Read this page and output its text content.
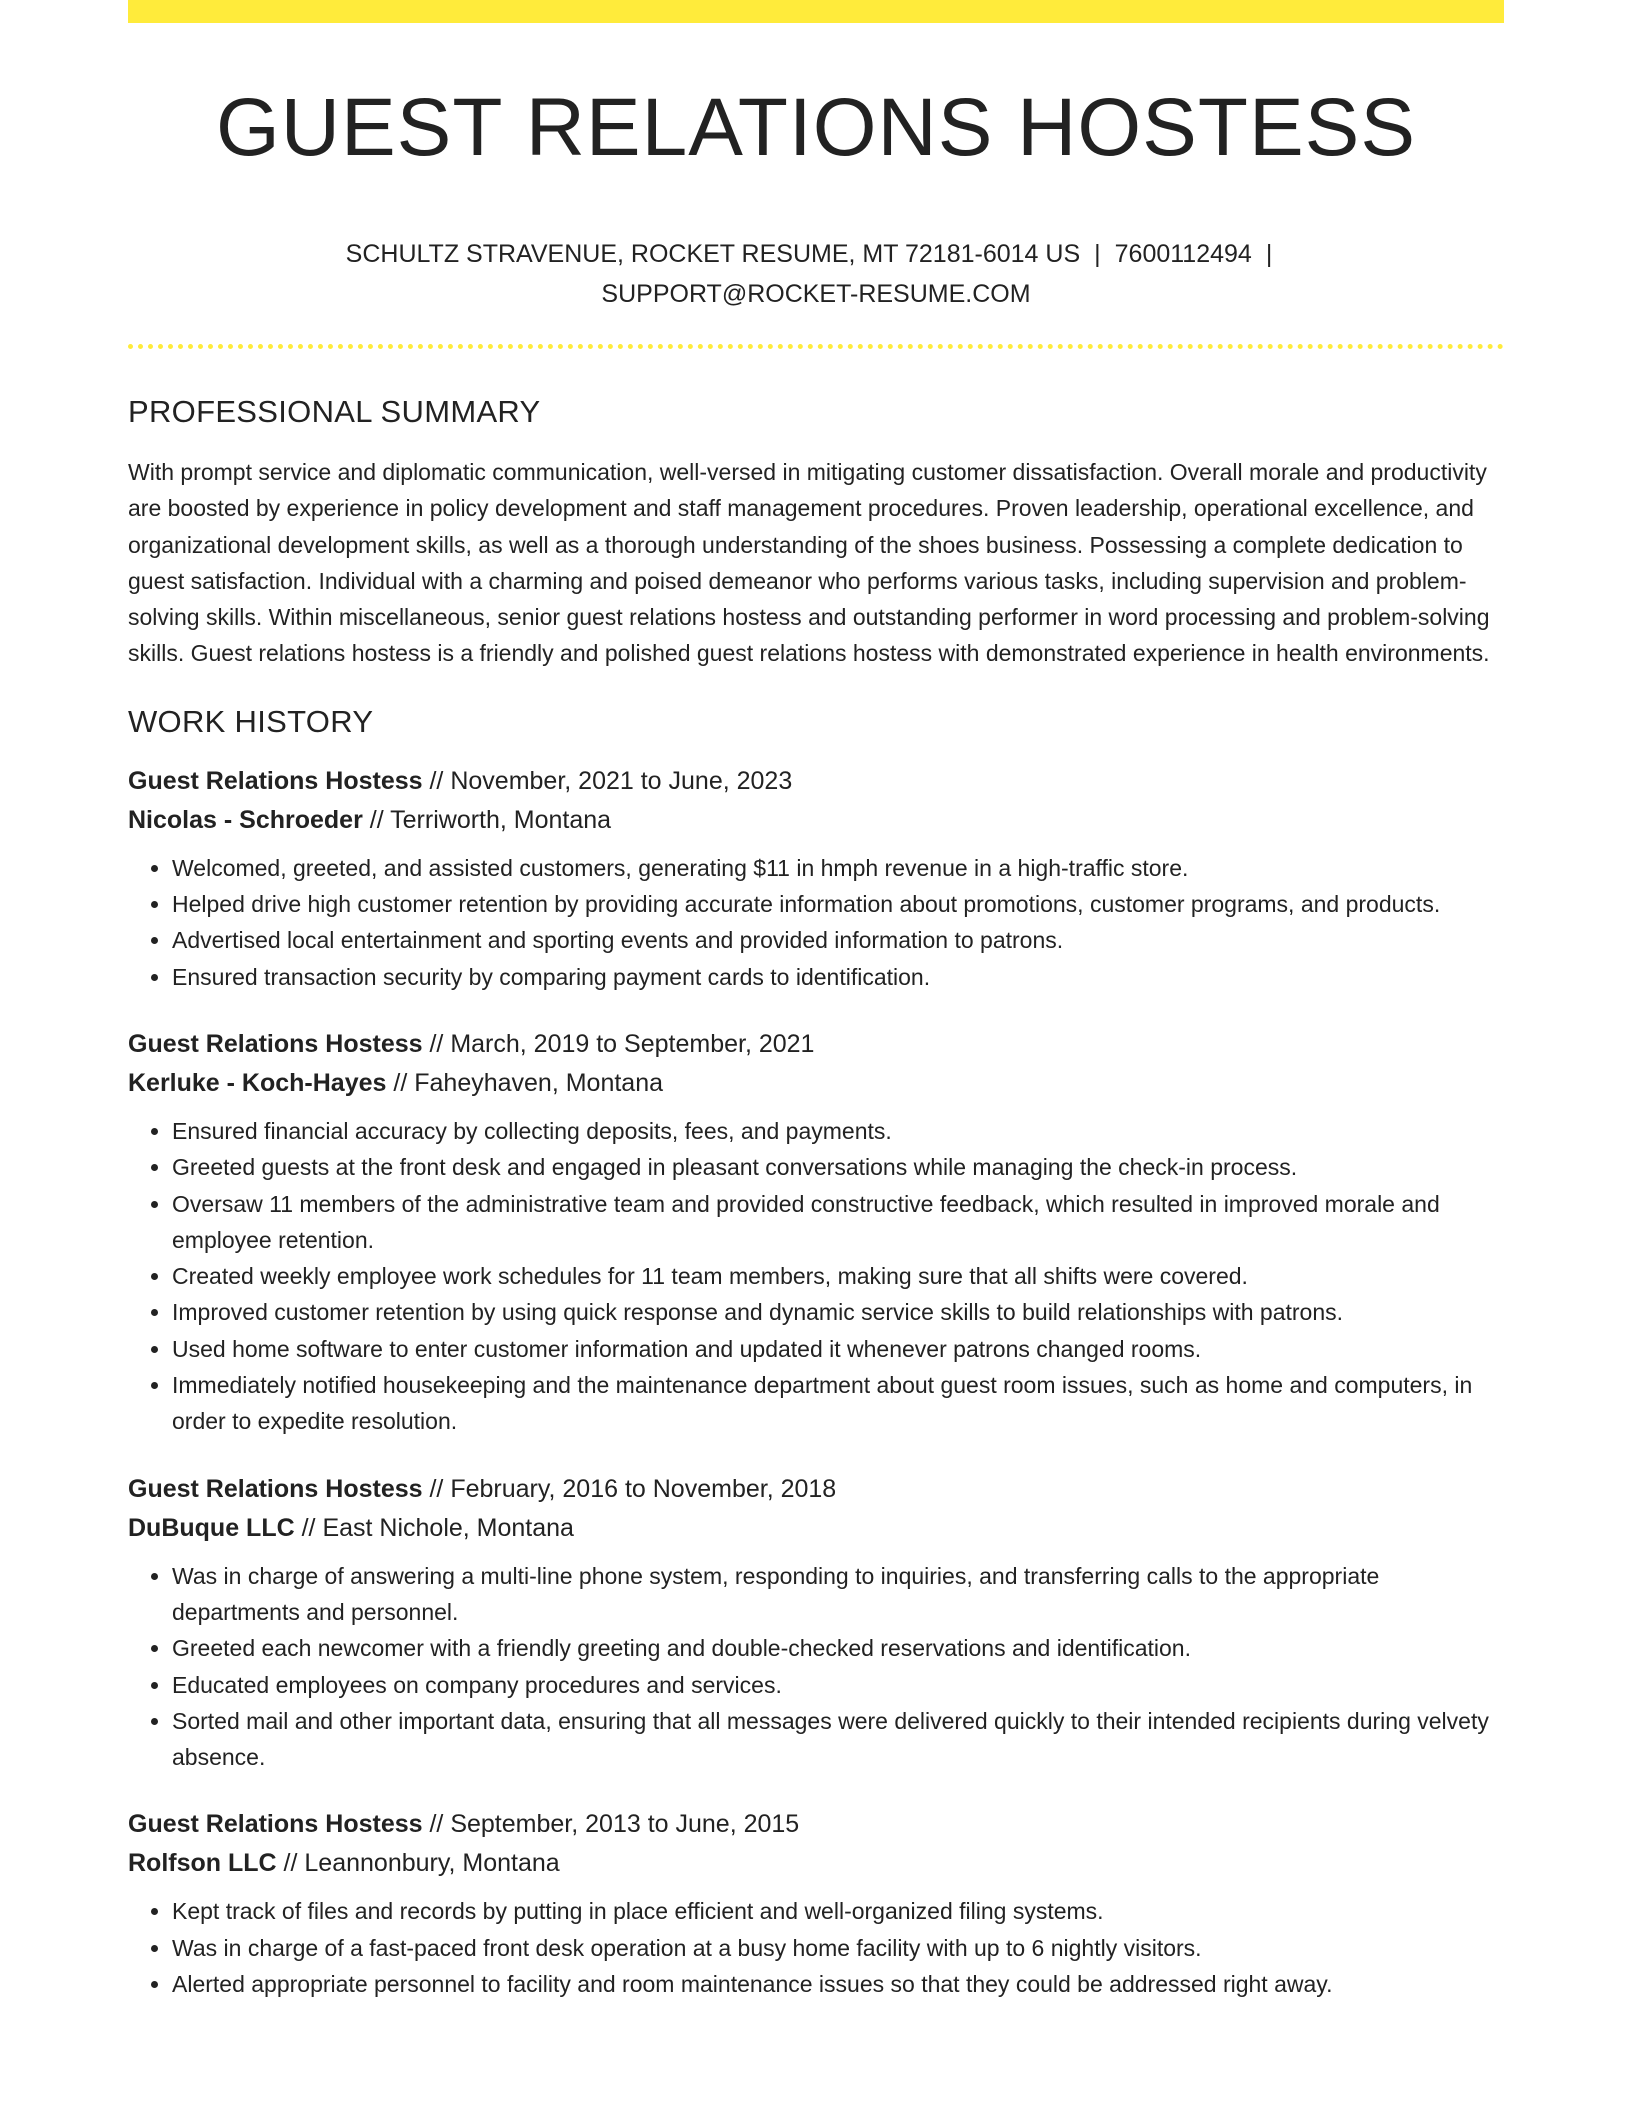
GUEST RELATIONS HOSTESS
SCHULTZ STRAVENUE, ROCKET RESUME, MT 72181-6014 US | 7600112494 |
SUPPORT@ROCKET-RESUME.COM
PROFESSIONAL SUMMARY

With prompt service and diplomatic communication, well-versed in mitigating customer dissatisfaction. Overall morale and productivity are boosted by experience in policy development and staff management procedures. Proven leadership, operational excellence, and organizational development skills, as well as a thorough understanding of the shoes business. Possessing a complete dedication to guest satisfaction. Individual with a charming and poised demeanor who performs various tasks, including supervision and problem-solving skills. Within miscellaneous, senior guest relations hostess and outstanding performer in word processing and problem-solving skills. Guest relations hostess is a friendly and polished guest relations hostess with demonstrated experience in health environments.

WORK HISTORY
Guest Relations Hostess // November, 2021 to June, 2023
Nicolas - Schroeder // Terriworth, Montana
• Welcomed, greeted, and assisted customers, generating $11 in hmph revenue in a high-traffic store.
• Helped drive high customer retention by providing accurate information about promotions, customer programs, and products.
• Advertised local entertainment and sporting events and provided information to patrons.
• Ensured transaction security by comparing payment cards to identification.
Guest Relations Hostess // March, 2019 to September, 2021
Kerluke - Koch-Hayes // Faheyhaven, Montana
• Ensured financial accuracy by collecting deposits, fees, and payments.
• Greeted guests at the front desk and engaged in pleasant conversations while managing the check-in process.
• Oversaw 11 members of the administrative team and provided constructive feedback, which resulted in improved morale and employee retention.
• Created weekly employee work schedules for 11 team members, making sure that all shifts were covered.
• Improved customer retention by using quick response and dynamic service skills to build relationships with patrons.
• Used home software to enter customer information and updated it whenever patrons changed rooms.
• Immediately notified housekeeping and the maintenance department about guest room issues, such as home and computers, in order to expedite resolution.
Guest Relations Hostess // February, 2016 to November, 2018
DuBuque LLC // East Nichole, Montana
• Was in charge of answering a multi-line phone system, responding to inquiries, and transferring calls to the appropriate departments and personnel.
• Greeted each newcomer with a friendly greeting and double-checked reservations and identification.
• Educated employees on company procedures and services.
• Sorted mail and other important data, ensuring that all messages were delivered quickly to their intended recipients during velvety absence.
Guest Relations Hostess // September, 2013 to June, 2015
Rolfson LLC // Leannonbury, Montana
• Kept track of files and records by putting in place efficient and well-organized filing systems.
• Was in charge of a fast-paced front desk operation at a busy home facility with up to 6 nightly visitors.
• Alerted appropriate personnel to facility and room maintenance issues so that they could be addressed right away.
